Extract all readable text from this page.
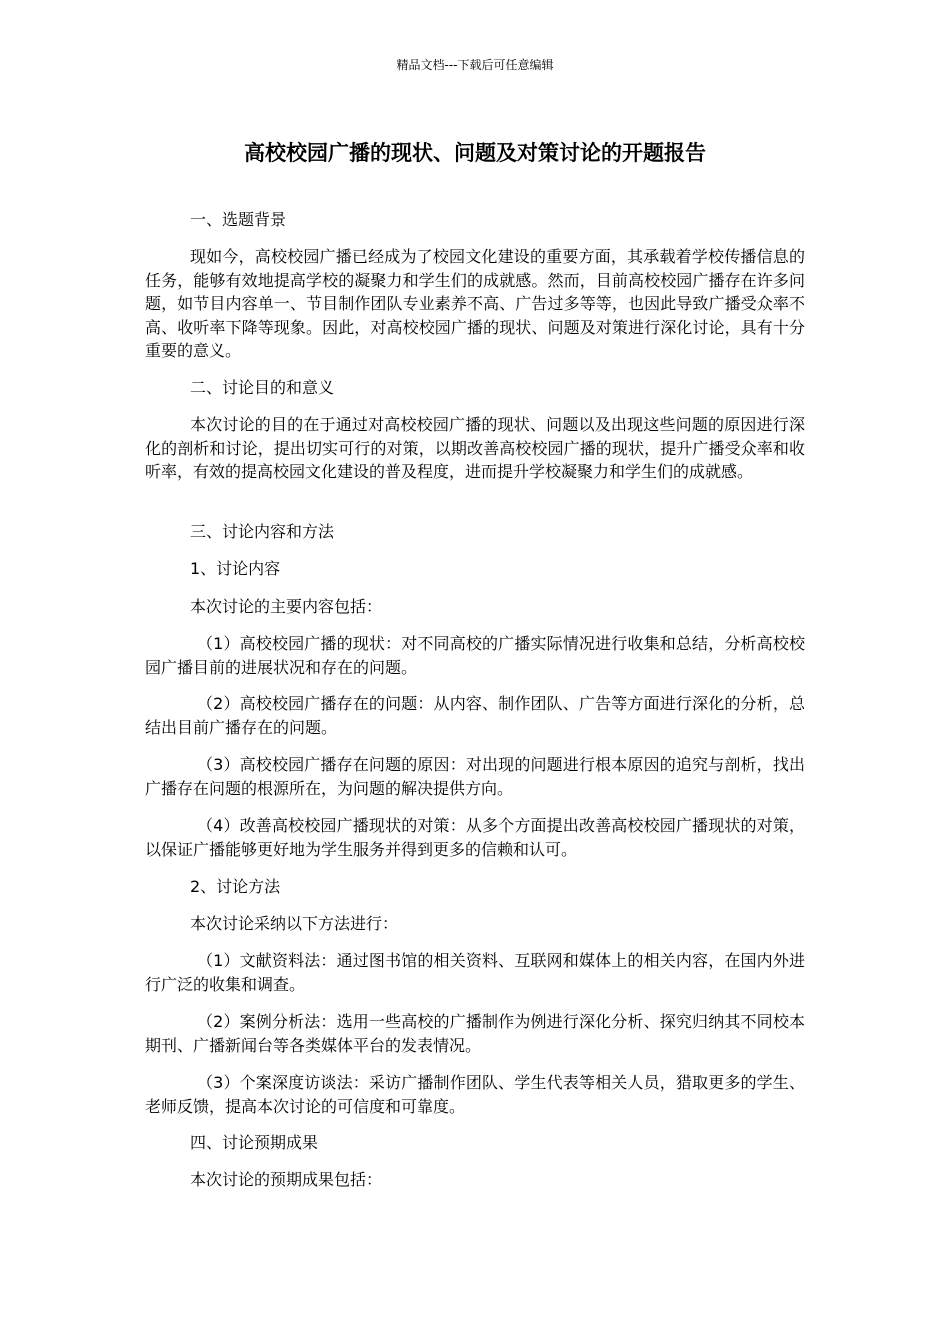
精品文档---下载后可任意编辑
高校校园广播的现状、问题及对策讨论的开题报告
一、选题背景
现如今，高校校园广播已经成为了校园文化建设的重要方面，其承载着学校传播信息的任务，能够有效地提高学校的凝聚力和学生们的成就感。然而，目前高校校园广播存在许多问题，如节目内容单一、节目制作团队专业素养不高、广告过多等等，也因此导致广播受众率不高、收听率下降等现象。因此，对高校校园广播的现状、问题及对策进行深化讨论，具有十分重要的意义。
二、讨论目的和意义
本次讨论的目的在于通过对高校校园广播的现状、问题以及出现这些问题的原因进行深化的剖析和讨论，提出切实可行的对策，以期改善高校校园广播的现状，提升广播受众率和收听率，有效的提高校园文化建设的普及程度，进而提升学校凝聚力和学生们的成就感。
三、讨论内容和方法
1、讨论内容
本次讨论的主要内容包括：
（1）高校校园广播的现状：对不同高校的广播实际情况进行收集和总结，分析高校校园广播目前的进展状况和存在的问题。
（2）高校校园广播存在的问题：从内容、制作团队、广告等方面进行深化的分析，总结出目前广播存在的问题。
（3）高校校园广播存在问题的原因：对出现的问题进行根本原因的追究与剖析，找出广播存在问题的根源所在，为问题的解决提供方向。
（4）改善高校校园广播现状的对策：从多个方面提出改善高校校园广播现状的对策，以保证广播能够更好地为学生服务并得到更多的信赖和认可。
2、讨论方法
本次讨论采纳以下方法进行：
（1）文献资料法：通过图书馆的相关资料、互联网和媒体上的相关内容，在国内外进行广泛的收集和调查。
（2）案例分析法：选用一些高校的广播制作为例进行深化分析、探究归纳其不同校本期刊、广播新闻台等各类媒体平台的发表情况。
（3）个案深度访谈法：采访广播制作团队、学生代表等相关人员，猎取更多的学生、老师反馈，提高本次讨论的可信度和可靠度。
四、讨论预期成果
本次讨论的预期成果包括：
